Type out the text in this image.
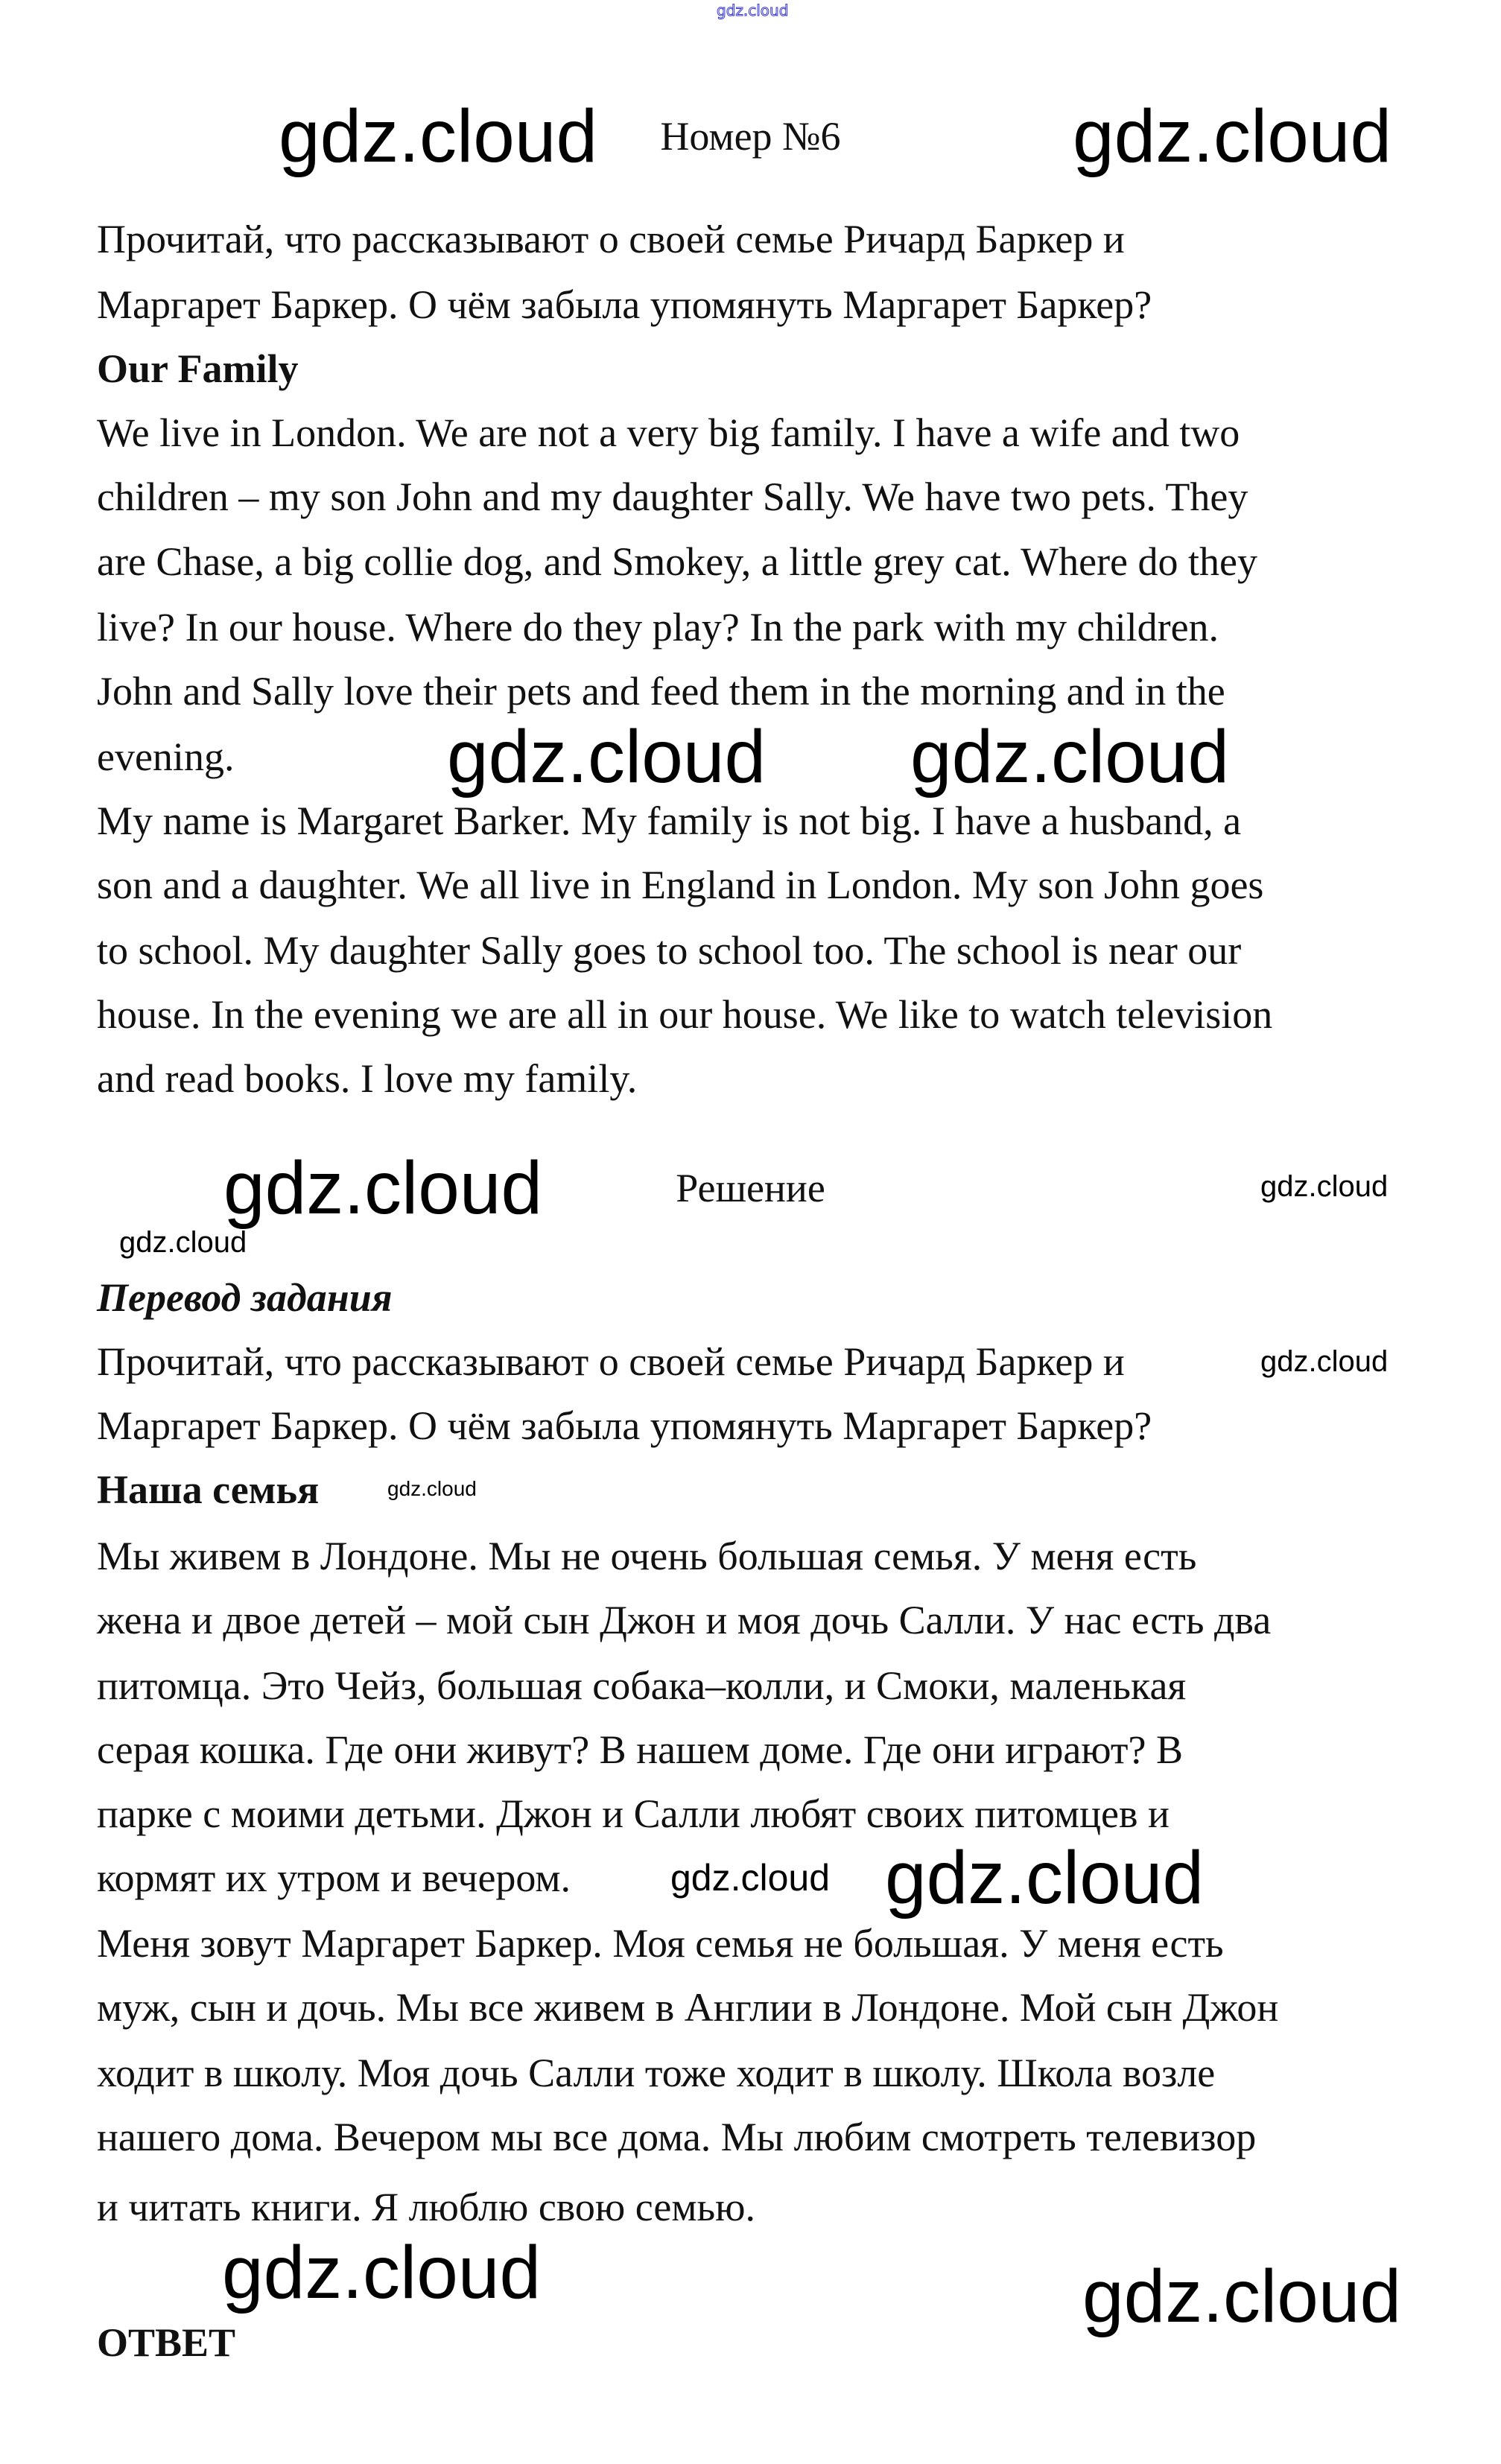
gdz.cloud
Номер №6
Прочитай, что рассказывают о своей семье Ричард Баркер и
Маргарет Баркер. О чём забыла упомянуть Маргарет Баркер?
Our Family
We live in London. We are not a very big family. I have a wife and two
children – my son John and my daughter Sally. We have two pets. They
are Chase, a big collie dog, and Smokey, a little grey cat. Where do they
live? In our house. Where do they play? In the park with my children.
John and Sally love their pets and feed them in the morning and in the
evening.
My name is Margaret Barker. My family is not big. I have a husband, a
son and a daughter. We all live in England in London. My son John goes
to school. My daughter Sally goes to school too. The school is near our
house. In the evening we are all in our house. We like to watch television
and read books. I love my family.
Решение
Перевод задания
Прочитай, что рассказывают о своей семье Ричард Баркер и
Маргарет Баркер. О чём забыла упомянуть Маргарет Баркер?
Наша семья
Мы живем в Лондоне. Мы не очень большая семья. У меня есть
жена и двое детей – мой сын Джон и моя дочь Салли. У нас есть два
питомца. Это Чейз, большая собака–колли, и Смоки, маленькая
серая кошка. Где они живут? В нашем доме. Где они играют? В
парке с моими детьми. Джон и Салли любят своих питомцев и
кормят их утром и вечером.
Меня зовут Маргарет Баркер. Моя семья не большая. У меня есть
муж, сын и дочь. Мы все живем в Англии в Лондоне. Мой сын Джон
ходит в школу. Моя дочь Салли тоже ходит в школу. Школа возле
нашего дома. Вечером мы все дома. Мы любим смотреть телевизор
и читать книги. Я люблю свою семью.
ОТВЕТ
gdz.cloud	gdz.cloud
gdz.cloud gdz.cloud
gdz.cloud
gdz.cloud
gdz.cloud	gdz.cloud
gdz.cloud
gdz.cloud
gdz.cloud
gdz.cloud
gdz.cloud
